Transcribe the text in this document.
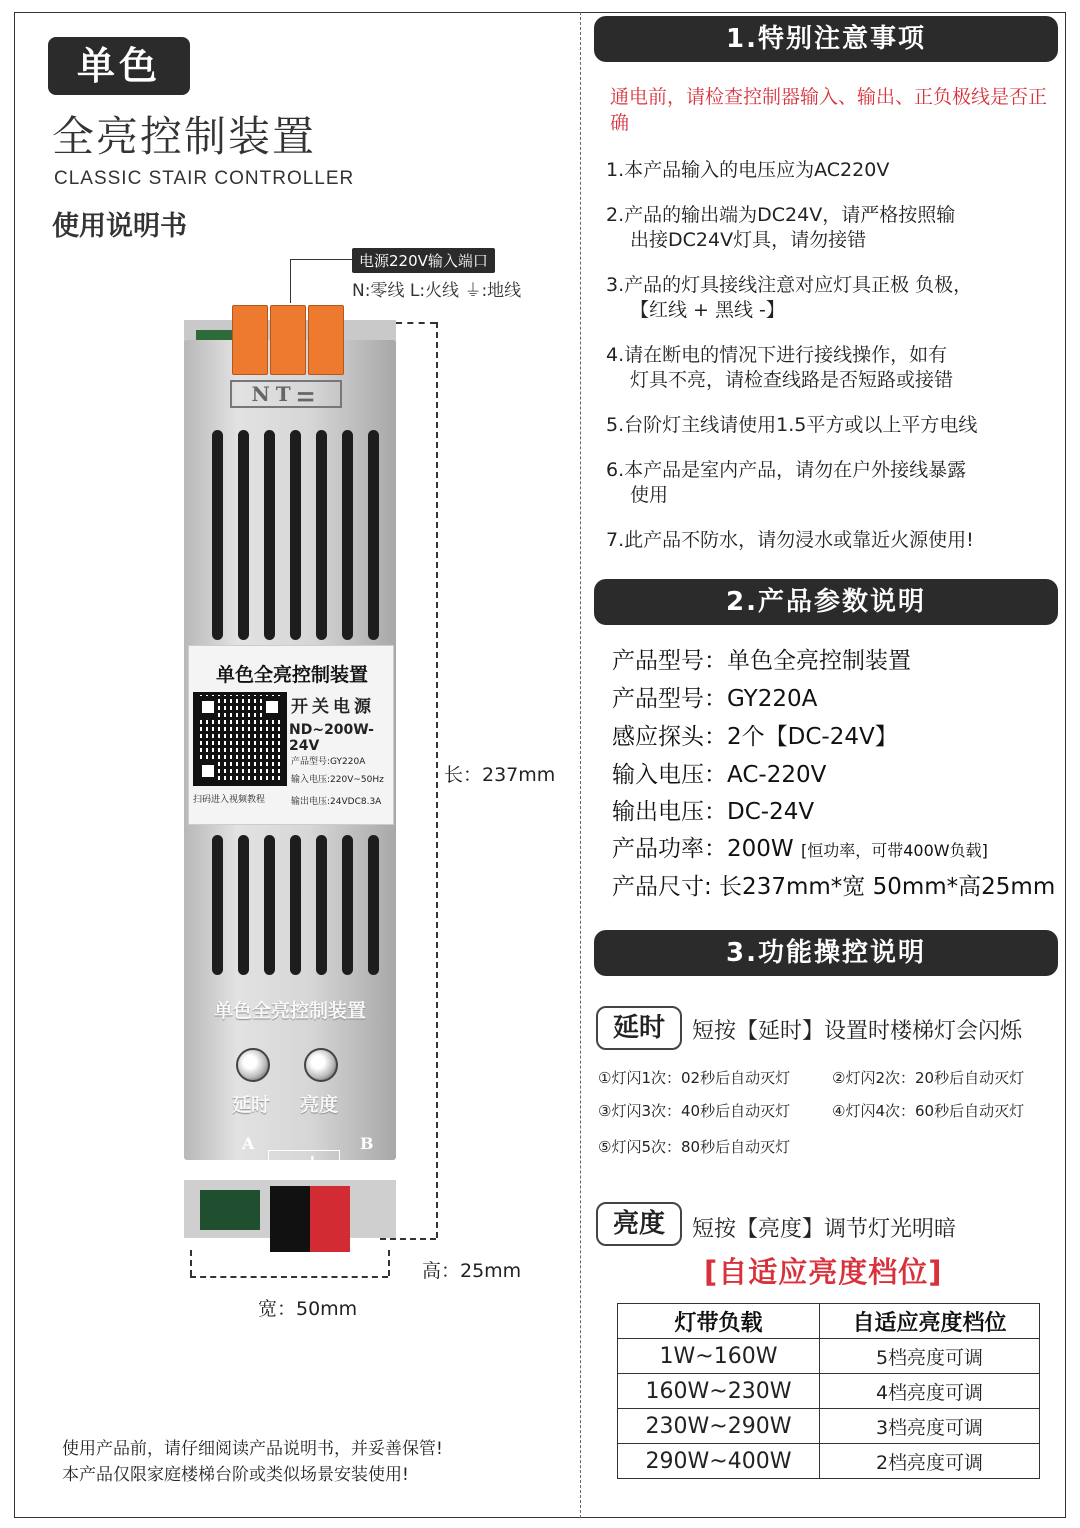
单色
全亮控制装置
CLASSIC STAIR CONTROLLER
使用说明书
电源220V输入端口
N:零线 L:火线 ⏚:地线
NT⚌
单色全亮控制装置
开关电源
ND~200W-24V
产品型号:GY220A
输入电压:220V~50Hz
输出电压:24VDC8.3A
扫码进入视频教程
单色全亮控制装置
延时 亮度
A	B
−+
长：237mm
宽：50mm
高：25mm
使用产品前，请仔细阅读产品说明书，并妥善保管!
本产品仅限家庭楼梯台阶或类似场景安装使用!
1.特别注意事项
通电前，请检查控制器输入、输出、正负极线是否正确
1.本产品输入的电压应为AC220V
2.产品的输出端为DC24V，请严格按照输
出接DC24V灯具，请勿接错
3.产品的灯具接线注意对应灯具正极 负极，
【红线 + 黑线 -】
4.请在断电的情况下进行接线操作，如有
灯具不亮，请检查线路是否短路或接错
5.台阶灯主线请使用1.5平方或以上平方电线
6.本产品是室内产品，请勿在户外接线暴露
使用
7.此产品不防水，请勿浸水或靠近火源使用!
2.产品参数说明
产品型号：单色全亮控制装置
产品型号：GY220A
感应探头：2个【DC-24V】
输入电压：AC-220V
输出电压：DC-24V
产品功率：200W [恒功率，可带400W负载]
产品尺寸: 长237mm*宽 50mm*高25mm
3.功能操控说明
延时	短按【延时】设置时楼梯灯会闪烁
①灯闪1次：02秒后自动灭灯	②灯闪2次：20秒后自动灭灯
③灯闪3次：40秒后自动灭灯	④灯闪4次：60秒后自动灭灯
⑤灯闪5次：80秒后自动灭灯
亮度	短按【亮度】调节灯光明暗
[自适应亮度档位]
灯带负载	自适应亮度档位
1W~160W	5档亮度可调
160W~230W	4档亮度可调
230W~290W	3档亮度可调
290W~400W	2档亮度可调
